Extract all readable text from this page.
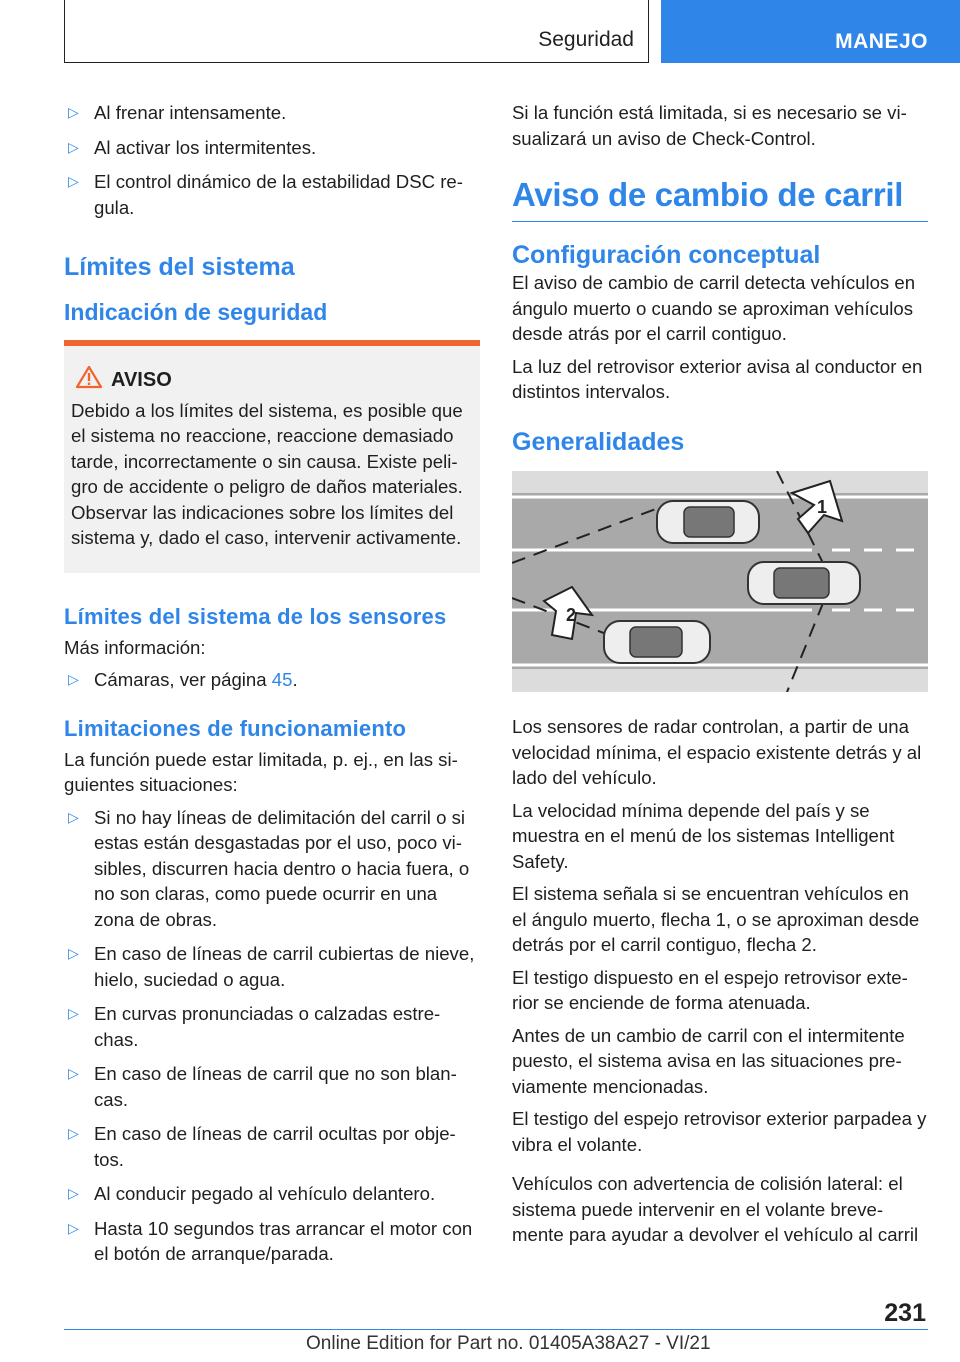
Seguridad	MANEJO
▷ Al frenar intensamente.
▷ Al activar los intermitentes.
▷ El control dinámico de la estabilidad DSC re‐ gula.
Límites del sistema
Indicación de seguridad
AVISO
Debido a los límites del sistema, es posible que el sistema no reaccione, reaccione demasiado tarde, incorrectamente o sin causa. Existe peli‐ gro de accidente o peligro de daños materiales. Observar las indicaciones sobre los límites del sistema y, dado el caso, intervenir activamente.
Límites del sistema de los sensores

Más información:

▷ Cámaras, ver página 45.
Limitaciones de funcionamiento

La función puede estar limitada, p. ej., en las si‐ guientes situaciones:

▷ Si no hay líneas de delimitación del carril o si estas están desgastadas por el uso, poco vi‐ sibles, discurren hacia dentro o hacia fuera, o no son claras, como puede ocurrir en una zona de obras.
▷ En caso de líneas de carril cubiertas de nieve, hielo, suciedad o agua.
▷ En curvas pronunciadas o calzadas estre‐ chas.
▷ En caso de líneas de carril que no son blan‐ cas.
▷ En caso de líneas de carril ocultas por obje‐ tos.
▷ Al conducir pegado al vehículo delantero.
▷ Hasta 10 segundos tras arrancar el motor con el botón de arranque/parada.

Si la función está limitada, si es necesario se vi‐ sualizará un aviso de Check-Control.

Aviso de cambio de carril
Configuración conceptual

El aviso de cambio de carril detecta vehículos en ángulo muerto o cuando se aproximan vehículos desde atrás por el carril contiguo.

La luz del retrovisor exterior avisa al conductor en distintos intervalos.

Generalidades
1
2

Los sensores de radar controlan, a partir de una velocidad mínima, el espacio existente detrás y al lado del vehículo.

La velocidad mínima depende del país y se muestra en el menú de los sistemas Intelligent Safety.

El sistema señala si se encuentran vehículos en el ángulo muerto, flecha 1, o se aproximan desde detrás por el carril contiguo, flecha 2.

El testigo dispuesto en el espejo retrovisor exte‐ rior se enciende de forma atenuada.

Antes de un cambio de carril con el intermitente puesto, el sistema avisa en las situaciones pre‐ viamente mencionadas.

El testigo del espejo retrovisor exterior parpadea y vibra el volante.

Vehículos con advertencia de colisión lateral: el sistema puede intervenir en el volante breve‐ mente para ayudar a devolver el vehículo al carril

231
Online Edition for Part no. 01405A38A27 - VI/21
